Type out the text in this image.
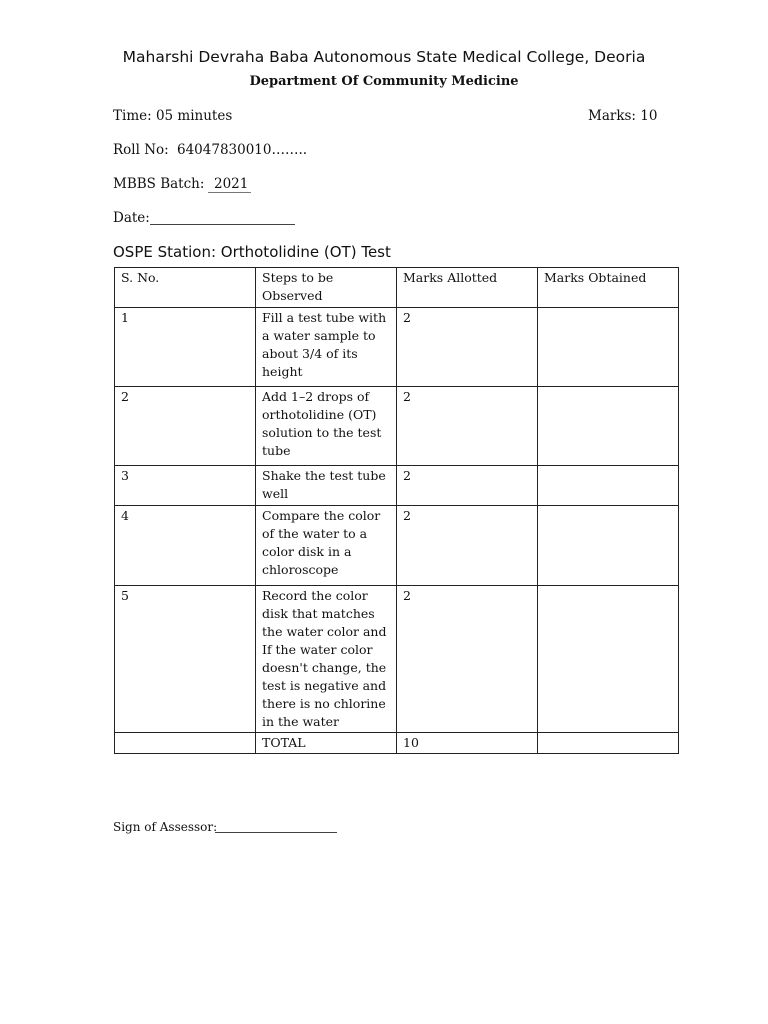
Maharshi Devraha Baba Autonomous State Medical College, Deoria
Department Of Community Medicine
Time: 05 minutes	Marks: 10
Roll No: 64047830010……..
MBBS Batch: 2021
Date:
OSPE Station: Orthotolidine (OT) Test
S. No.	Steps to be Observed	Marks Allotted	Marks Obtained
1	Fill a test tube with a water sample to about 3/4 of its height	2	
2	Add 1–2 drops of orthotolidine (OT) solution to the test tube	2	
3	Shake the test tube well	2	
4	Compare the color of the water to a color disk in a chloroscope	2	
5	Record the color disk that matches the water color and If the water color doesn't change, the test is negative and there is no chlorine in the water	2	
	TOTAL	10	
Sign of Assessor:
